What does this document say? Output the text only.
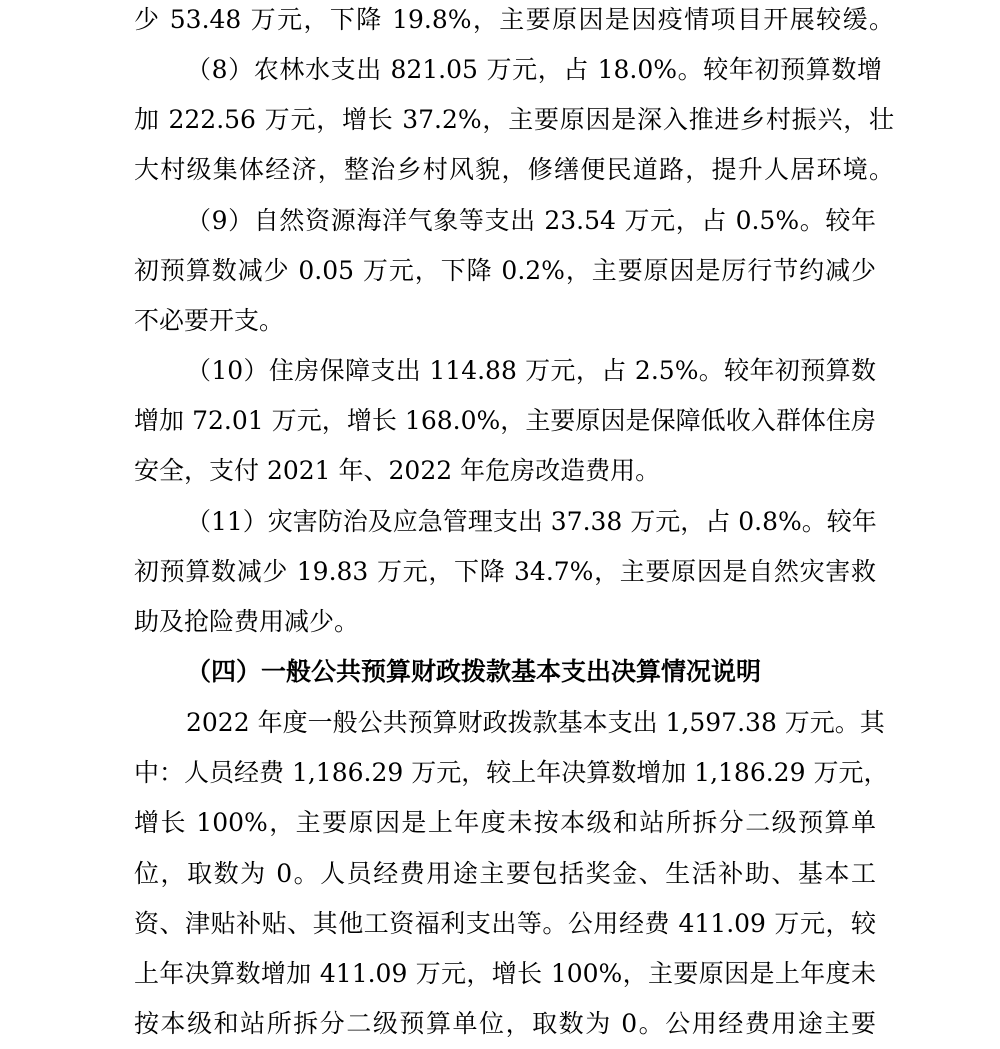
少 53.48 万元，下降 19.8%，主要原因是因疫情项目开展较缓。
（8）农林水支出 821.05 万元，占 18.0%。较年初预算数增
加 222.56 万元，增长 37.2%，主要原因是深入推进乡村振兴，壮
大村级集体经济，整治乡村风貌，修缮便民道路，提升人居环境。
（9）自然资源海洋气象等支出 23.54 万元，占 0.5%。较年
初预算数减少 0.05 万元，下降 0.2%，主要原因是厉行节约减少
不必要开支。
（10）住房保障支出 114.88 万元，占 2.5%。较年初预算数
增加 72.01 万元，增长 168.0%，主要原因是保障低收入群体住房
安全，支付 2021 年、2022 年危房改造费用。
（11）灾害防治及应急管理支出 37.38 万元，占 0.8%。较年
初预算数减少 19.83 万元，下降 34.7%，主要原因是自然灾害救
助及抢险费用减少。
（四）一般公共预算财政拨款基本支出决算情况说明
2022 年度一般公共预算财政拨款基本支出 1,597.38 万元。其
中：人员经费 1,186.29 万元，较上年决算数增加 1,186.29 万元，
增长 100%，主要原因是上年度未按本级和站所拆分二级预算单
位，取数为 0。人员经费用途主要包括奖金、生活补助、基本工
资、津贴补贴、其他工资福利支出等。公用经费 411.09 万元，较
上年决算数增加 411.09 万元，增长 100%，主要原因是上年度未
按本级和站所拆分二级预算单位，取数为 0。公用经费用途主要
